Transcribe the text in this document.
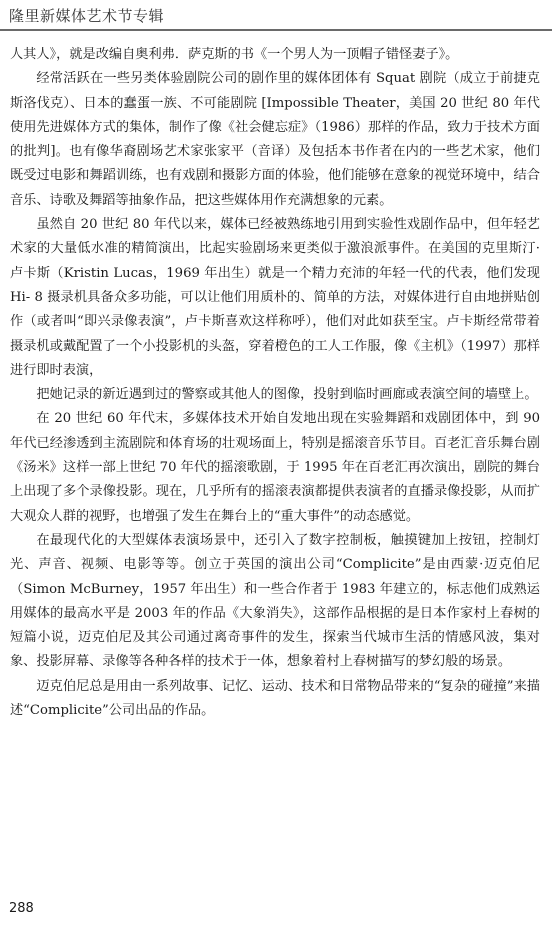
隆里新媒体艺术节专辑

人其人》，就是改编自奥利弗．萨克斯的书《一个男人为一顶帽子错怪妻子》。

经常活跃在一些另类体验剧院公司的剧作里的媒体团体有 Squat 剧院（成立于前捷克斯洛伐克）、日本的蠢蛋一族、不可能剧院 [Impossible Theater，美国 20 世纪 80 年代使用先进媒体方式的集体，制作了像《社会健忘症》（1986）那样的作品，致力于技术方面的批判]。也有像华裔剧场艺术家张家平（音译）及包括本书作者在内的一些艺术家，他们既受过电影和舞蹈训练，也有戏剧和摄影方面的体验，他们能够在意象的视觉环境中，结合音乐、诗歌及舞蹈等抽象作品，把这些媒体用作充满想象的元素。

虽然自 20 世纪 80 年代以来，媒体已经被熟练地引用到实验性戏剧作品中，但年轻艺术家的大量低水准的精简演出，比起实验剧场来更类似于激浪派事件。在美国的克里斯汀·卢卡斯（Kristin Lucas，1969 年出生）就是一个精力充沛的年轻一代的代表，他们发现 Hi- 8 摄录机具备众多功能，可以让他们用质朴的、简单的方法，对媒体进行自由地拼贴创作（或者叫“即兴录像表演”，卢卡斯喜欢这样称呼），他们对此如获至宝。卢卡斯经常带着摄录机或戴配置了一个小投影机的头盔，穿着橙色的工人工作服，像《主机》（1997）那样进行即时表演，

把她记录的新近遇到过的警察或其他人的图像，投射到临时画廊或表演空间的墙壁上。

在 20 世纪 60 年代末，多媒体技术开始自发地出现在实验舞蹈和戏剧团体中，到 90 年代已经渗透到主流剧院和体育场的壮观场面上，特别是摇滚音乐节目。百老汇音乐舞台剧《汤米》这样一部上世纪 70 年代的摇滚歌剧，于 1995 年在百老汇再次演出，剧院的舞台上出现了多个录像投影。现在，几乎所有的摇滚表演都提供表演者的直播录像投影，从而扩大观众人群的视野，也增强了发生在舞台上的“重大事件”的动态感觉。

在最现代化的大型媒体表演场景中，还引入了数字控制板，触摸键加上按钮，控制灯光、声音、视频、电影等等。创立于英国的演出公司“Complicite”是由西蒙·迈克伯尼（Simon McBurney，1957 年出生）和一些合作者于 1983 年建立的，标志他们成熟运用媒体的最高水平是 2003 年的作品《大象消失》，这部作品根据的是日本作家村上春树的短篇小说，迈克伯尼及其公司通过离奇事件的发生，探索当代城市生活的情感风波，集对象、投影屏幕、录像等各种各样的技术于一体，想象着村上春树描写的梦幻般的场景。

迈克伯尼总是用由一系列故事、记忆、运动、技术和日常物品带来的“复杂的碰撞”来描述“Complicite”公司出品的作品。

288
